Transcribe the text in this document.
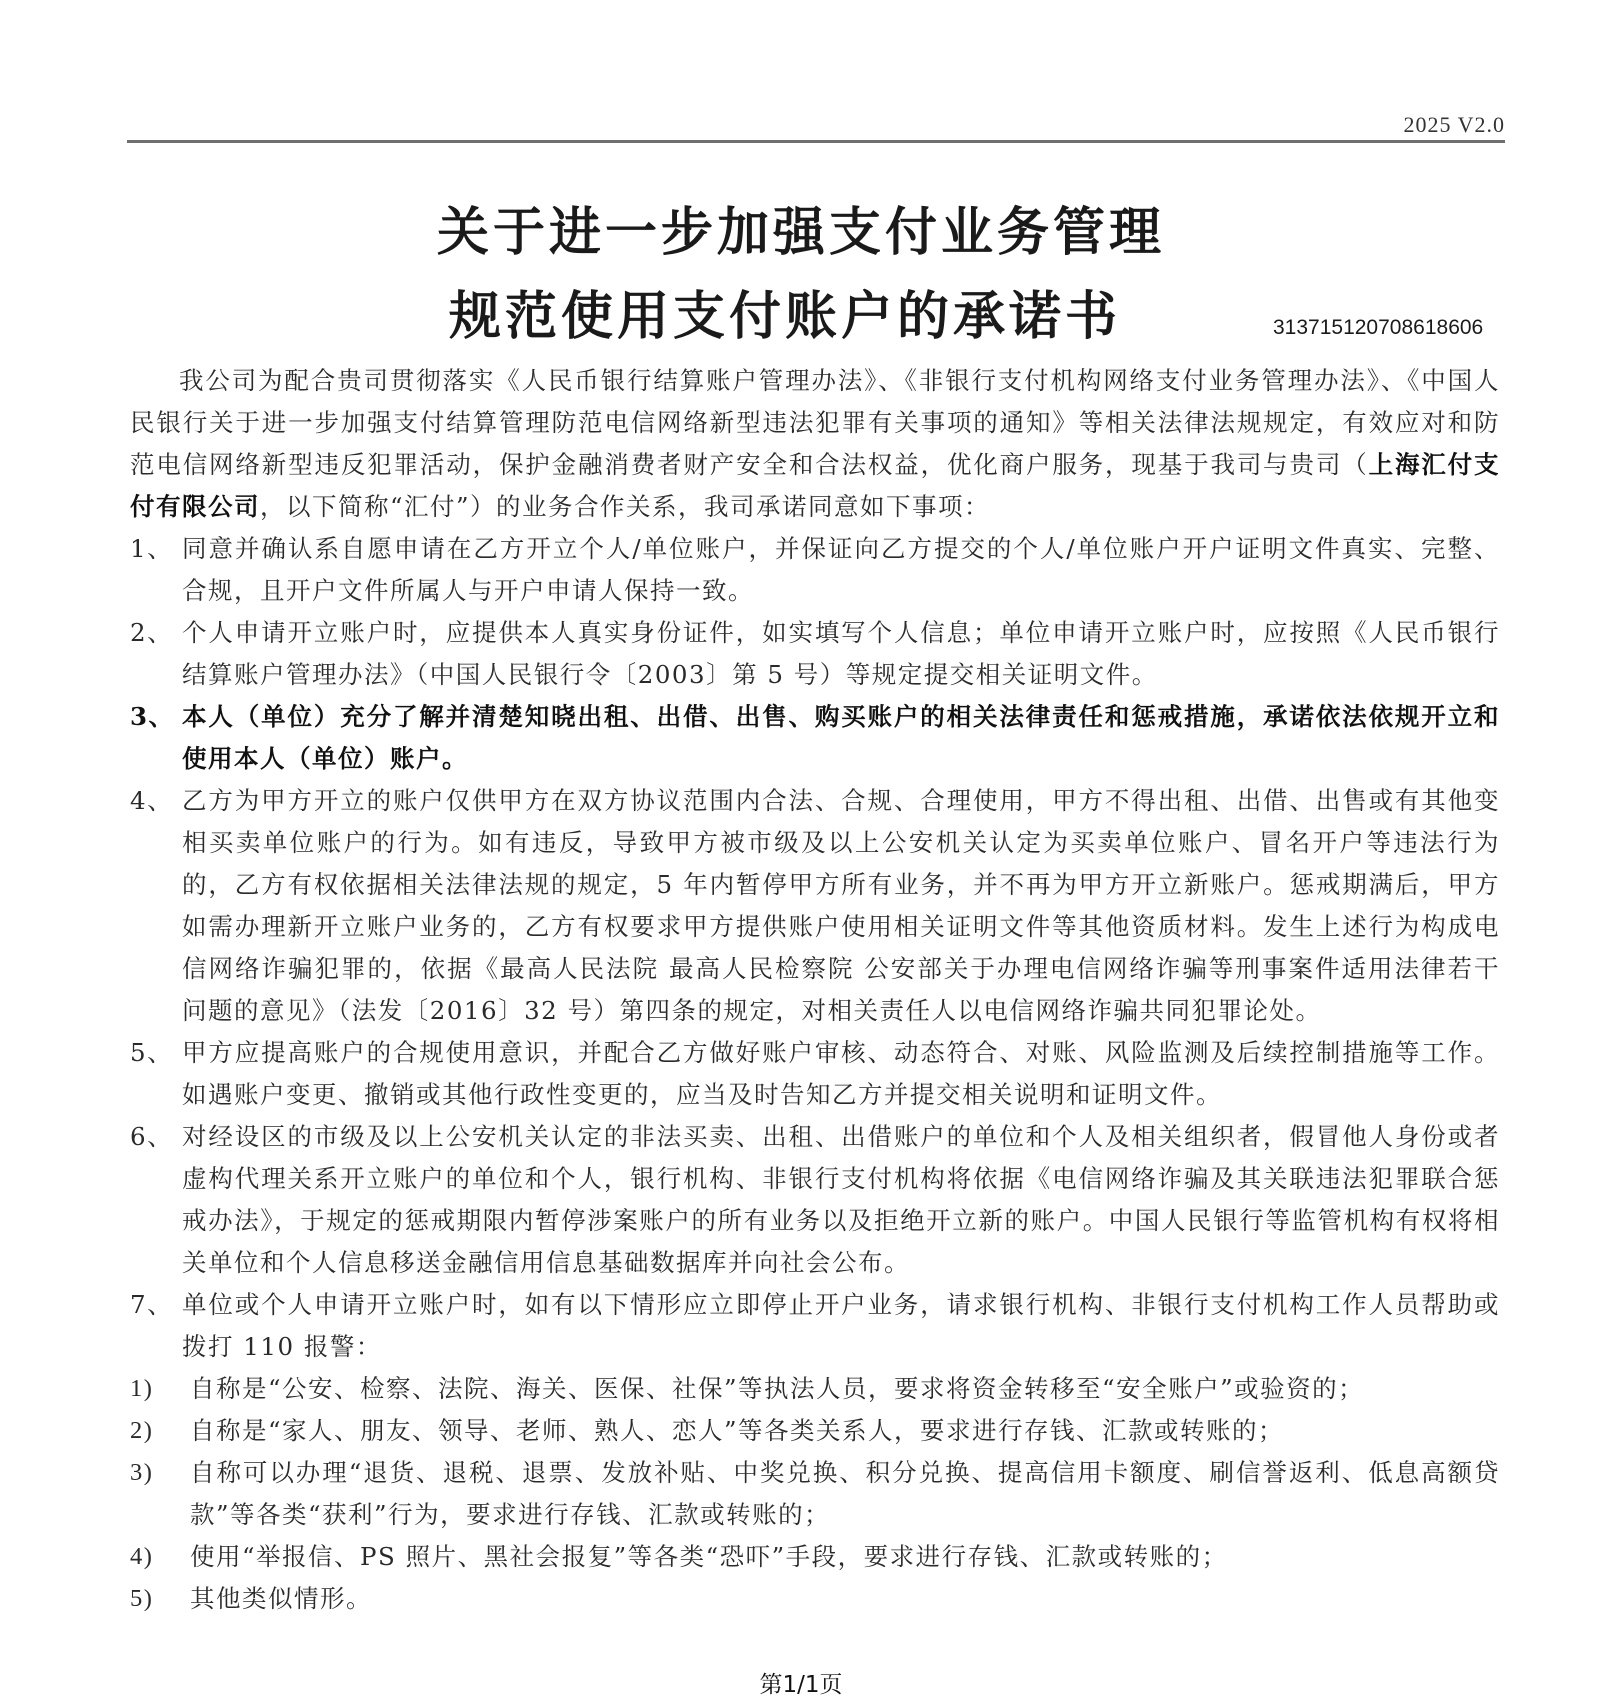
2025 V2.0
关于进一步加强支付业务管理
规范使用支付账户的承诺书	313715120708618606
我公司为配合贵司贯彻落实《人民币银行结算账户管理办法》、《非银行支付机构网络支付业务管理办法》、《中国人民银行关于进一步加强支付结算管理防范电信网络新型违法犯罪有关事项的通知》等相关法律法规规定，有效应对和防范电信网络新型违反犯罪活动，保护金融消费者财产安全和合法权益，优化商户服务，现基于我司与贵司（上海汇付支付有限公司，以下简称“汇付”）的业务合作关系，我司承诺同意如下事项：
1、 同意并确认系自愿申请在乙方开立个人/单位账户，并保证向乙方提交的个人/单位账户开户证明文件真实、完整、合规，且开户文件所属人与开户申请人保持一致。
2、 个人申请开立账户时，应提供本人真实身份证件，如实填写个人信息；单位申请开立账户时，应按照《人民币银行结算账户管理办法》（中国人民银行令〔2003〕第 5 号）等规定提交相关证明文件。
3、 本人（单位）充分了解并清楚知晓出租、出借、出售、购买账户的相关法律责任和惩戒措施，承诺依法依规开立和使用本人（单位）账户。
4、 乙方为甲方开立的账户仅供甲方在双方协议范围内合法、合规、合理使用，甲方不得出租、出借、出售或有其他变相买卖单位账户的行为。如有违反，导致甲方被市级及以上公安机关认定为买卖单位账户、冒名开户等违法行为的，乙方有权依据相关法律法规的规定，5 年内暂停甲方所有业务，并不再为甲方开立新账户。惩戒期满后，甲方如需办理新开立账户业务的，乙方有权要求甲方提供账户使用相关证明文件等其他资质材料。发生上述行为构成电信网络诈骗犯罪的，依据《最高人民法院 最高人民检察院 公安部关于办理电信网络诈骗等刑事案件适用法律若干问题的意见》（法发〔2016〕32 号）第四条的规定，对相关责任人以电信网络诈骗共同犯罪论处。
5、 甲方应提高账户的合规使用意识，并配合乙方做好账户审核、动态符合、对账、风险监测及后续控制措施等工作。如遇账户变更、撤销或其他行政性变更的，应当及时告知乙方并提交相关说明和证明文件。
6、 对经设区的市级及以上公安机关认定的非法买卖、出租、出借账户的单位和个人及相关组织者，假冒他人身份或者虚构代理关系开立账户的单位和个人，银行机构、非银行支付机构将依据《电信网络诈骗及其关联违法犯罪联合惩戒办法》，于规定的惩戒期限内暂停涉案账户的所有业务以及拒绝开立新的账户。中国人民银行等监管机构有权将相关单位和个人信息移送金融信用信息基础数据库并向社会公布。
7、 单位或个人申请开立账户时，如有以下情形应立即停止开户业务，请求银行机构、非银行支付机构工作人员帮助或拨打 110 报警：
1) 自称是“公安、检察、法院、海关、医保、社保”等执法人员，要求将资金转移至“安全账户”或验资的；
2) 自称是“家人、朋友、领导、老师、熟人、恋人”等各类关系人，要求进行存钱、汇款或转账的；
3) 自称可以办理“退货、退税、退票、发放补贴、中奖兑换、积分兑换、提高信用卡额度、刷信誉返利、低息高额贷款”等各类“获利”行为，要求进行存钱、汇款或转账的；
4) 使用“举报信、PS 照片、黑社会报复”等各类“恐吓”手段，要求进行存钱、汇款或转账的；
5) 其他类似情形。
第1/1页
